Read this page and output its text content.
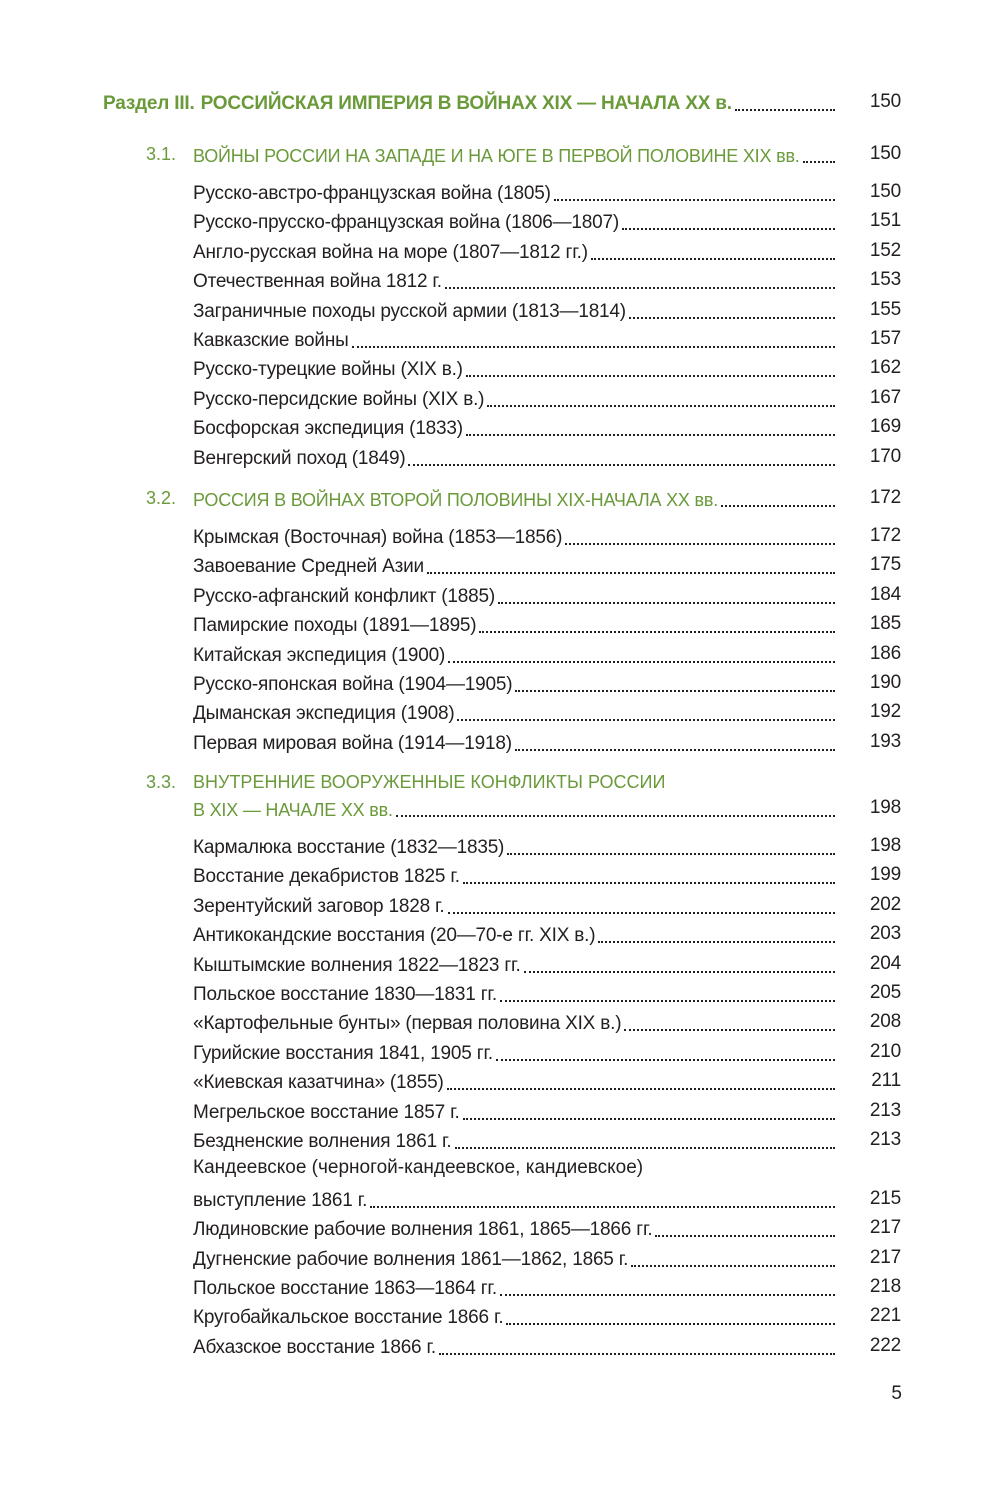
Раздел III. РОССИЙСКАЯ ИМПЕРИЯ В ВОЙНАХ XIX — НАЧАЛА XX в.	150
3.1. ВОЙНЫ РОССИИ НА ЗАПАДЕ И НА ЮГЕ В ПЕРВОЙ ПОЛОВИНЕ XIX вв.	150
Русско-австро-французская война (1805)	150
Русско-прусско-французская война (1806—1807)	151
Англо-русская война на море (1807—1812 гг.)	152
Отечественная война 1812 г.	153
Заграничные походы русской армии (1813—1814)	155
Кавказские войны	157
Русско-турецкие войны (XIX в.)	162
Русско-персидские войны (XIX в.)	167
Босфорская экспедиция (1833)	169
Венгерский поход (1849)	170
3.2. РОССИЯ В ВОЙНАХ ВТОРОЙ ПОЛОВИНЫ XIX-НАЧАЛА XX вв.	172
Крымская (Восточная) война (1853—1856)	172
Завоевание Средней Азии	175
Русско-афганский конфликт (1885)	184
Памирские походы (1891—1895)	185
Китайская экспедиция (1900)	186
Русско-японская война (1904—1905)	190
Дыманская экспедиция (1908)	192
Первая мировая война (1914—1918)	193
3.3. ВНУТРЕННИЕ ВООРУЖЕННЫЕ КОНФЛИКТЫ РОССИИ
В XIX — НАЧАЛЕ XX вв.	198
Кармалюка восстание (1832—1835)	198
Восстание декабристов 1825 г.	199
Зерентуйский заговор 1828 г.	202
Антикокандские восстания (20—70-е гг. XIX в.)	203
Кыштымские волнения 1822—1823 гг.	204
Польское восстание 1830—1831 гг.	205
«Картофельные бунты» (первая половина XIX в.)	208
Гурийские восстания 1841, 1905 гг.	210
«Киевская казатчина» (1855)	211
Мегрельское восстание 1857 г.	213
Бездненские волнения 1861 г.	213
Кандеевское (черногой-кандеевское, кандиевское)
выступление 1861 г.	215
Людиновские рабочие волнения 1861, 1865—1866 гг.	217
Дугненские рабочие волнения 1861—1862, 1865 г.	217
Польское восстание 1863—1864 гг.	218
Кругобайкальское восстание 1866 г.	221
Абхазское восстание 1866 г.	222
5
